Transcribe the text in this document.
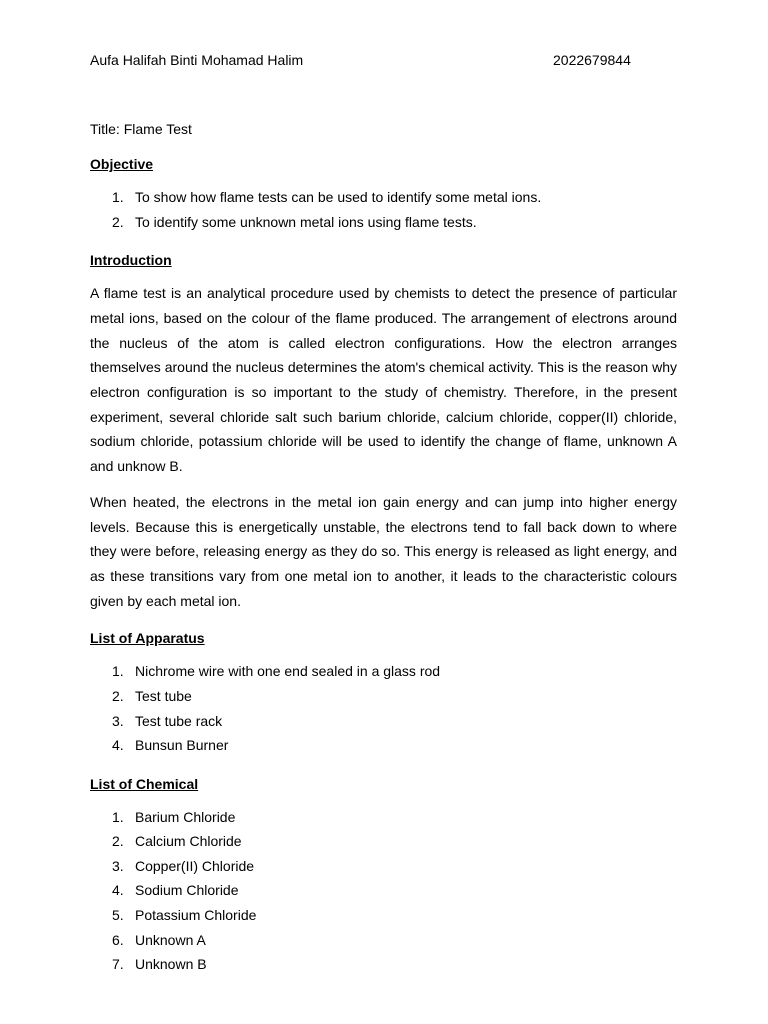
Aufa Halifah Binti Mohamad Halim	2022679844
Title: Flame Test
Objective
1. To show how flame tests can be used to identify some metal ions.
2. To identify some unknown metal ions using flame tests.
Introduction

A flame test is an analytical procedure used by chemists to detect the presence of particular metal ions, based on the colour of the flame produced. The arrangement of electrons around the nucleus of the atom is called electron configurations. How the electron arranges themselves around the nucleus determines the atom's chemical activity. This is the reason why electron configuration is so important to the study of chemistry. Therefore, in the present experiment, several chloride salt such barium chloride, calcium chloride, copper(II) chloride, sodium chloride, potassium chloride will be used to identify the change of flame, unknown A and unknow B.

When heated, the electrons in the metal ion gain energy and can jump into higher energy levels. Because this is energetically unstable, the electrons tend to fall back down to where they were before, releasing energy as they do so. This energy is released as light energy, and as these transitions vary from one metal ion to another, it leads to the characteristic colours given by each metal ion.

List of Apparatus
1. Nichrome wire with one end sealed in a glass rod
2. Test tube
3. Test tube rack
4. Bunsun Burner
List of Chemical
1. Barium Chloride
2. Calcium Chloride
3. Copper(II) Chloride
4. Sodium Chloride
5. Potassium Chloride
6. Unknown A
7. Unknown B
